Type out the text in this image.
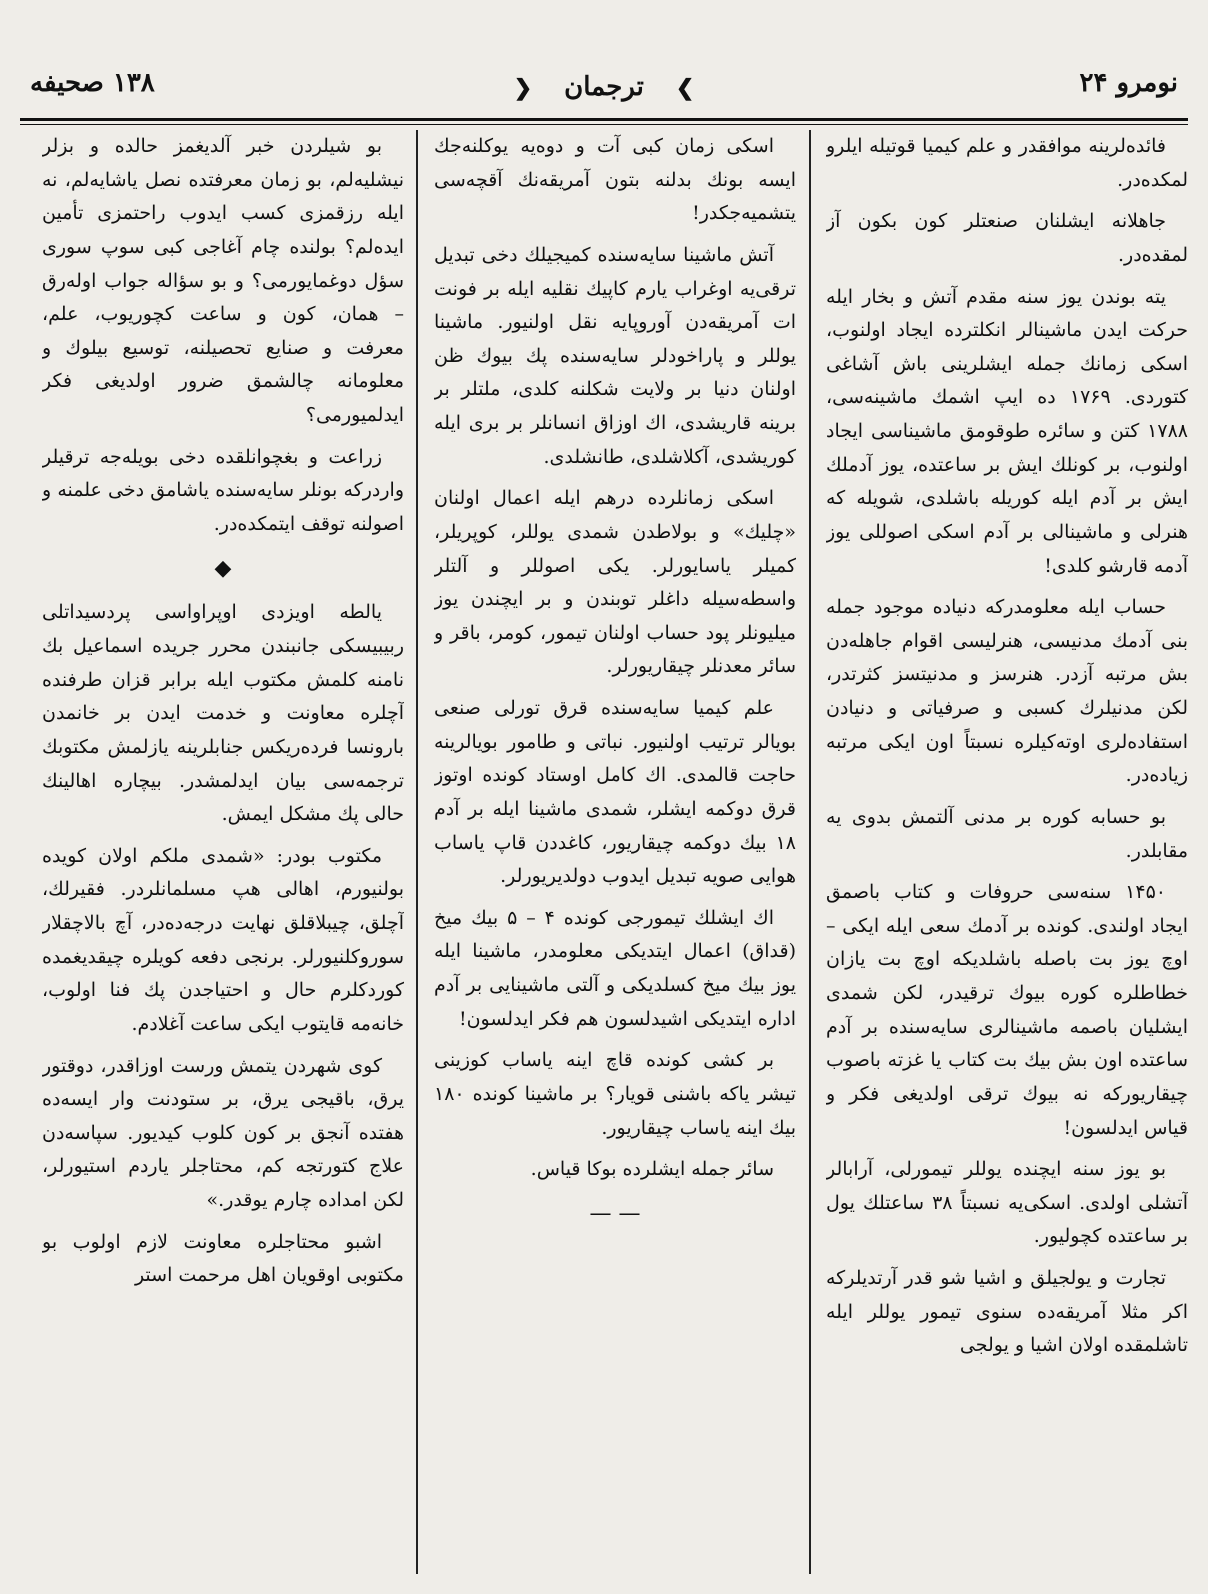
نومرو ۲۴
❯ترجمان❮
۱۳۸ صحیفه

فائده‌لرینه موافقدر و علم کیمیا قوتیله ایلرو لمکده‌در.

جاهلانه ایشلنان صنعتلر کون بکون آز لمقده‌در.

یته بوندن یوز سنه مقدم آتش و بخار ایله حرکت ایدن ماشینالر انکلترده ایجاد اولنوب، اسکی زمانك جمله ایشلرینی باش آشاغی کتوردی. ۱۷۶۹ ده ایپ اشمك ما‌شینه‌سی، ۱۷۸۸ کتن و سائره طوقومق ماشینا‌سی ایجاد اولنوب، بر کونلك ایش بر ساعتده، یوز آدملك ایش بر آدم ایله کوریله باشلدی، شویله که هنرلی و ماشینالی بر آدم اسکی اصوللی یوز آدمه قارشو کلدی!

حساب ایله معلومدرکه دنیاده موجود جمله بنی آدمك مدنیسی، هنرلیسی اقوام جاهله‌دن بش مرتبه آزدر. هنرسز و مد‌نیتسز کثرتدر، لکن مدنیلرك کسبی و صرفیاتی و دنیادن استفاده‌لری اوته‌کیلره نسبتاً اون ایکی مرتبه زیاده‌در.

بو حسابه کوره بر مدنی آلتمش بدوی یه مقابلدر.

۱۴۵۰ سنه‌سی حروفات و کتاب باصمق ایجاد اولندی. کونده بر آدمك سعی ایله ایکی – اوچ یوز بت باصله باشلدیکه اوچ بت یازان خطاطلره کوره بیوك ترقیدر، لکن شمدی ایشلیان باصمه ماشینالری سا‌یه‌سنده بر آدم ساعتده اون بش بیك بت کتاب یا غزته باصوب چیقاریورکه نه بیوك ترقی اولدیغی فکر و قیاس ایدلسون!

بو یوز سنه ایچنده یوللر تیمورلی، آرابالر آتشلی اولدی. اسکی‌یه نسبتاً ۳۸ ساعتلك یول بر ساعتده کچولیور.

تجارت و یولجیلق و اشیا شو قدر آرتدیلرکه اکر مثلا آمریقه‌ده سنوی تیمور یوللر ایله تاشلمقده اولان اشیا و یولجی

اسکی زمان کبی آت و دوه‌یه یوکلنه‌جك ایسه بونك بدلنه بتون آمریقه‌نك آقچه‌سی یتشمیه‌جکدر!

آتش ماشینا سایه‌سنده کمیجیلك دخی تبدیل ترقی‌یه اوغراب یارم کاپیك نقلیه ایله بر فونت ات آمریقه‌دن آوروپایه نقل اولنیور. ماشینا یوللر و پاراخودلر سایه‌سنده پك بیوك ظن اولنان دنیا بر ولایت شکلنه کلدی، ملتلر بر برینه قاریشدی، اك اوزاق انسانلر بر بری ایله کوریشدی، آکلاشلدی، طانشلدی.

اسکی زمانلرده درهم ایله اعمال اولنان «چلیك» و بولاطدن شمدی یوللر، کوپریلر، کمیلر یاسایورلر. یکی اصوللر و آلتلر واسطه‌سیله داغلر توبندن و بر ایچندن یوز میلیونلر پود حساب اولنان تیمور، کومر، باقر و سائر معدنلر چیقا‌ریورلر.

علم کیمیا سایه‌سنده قرق تورلی صنعی بویالر ترتیب اولنیور. نباتی و طامور بویا‌لرینه حاجت قالمدی. اك کامل اوستاد کونده اوتوز قرق دوکمه ایشلر، شمدی ماشینا ایله بر آدم ۱۸ بیك دوکمه چیقا‌ریور، کاغددن قاپ یاساب هوایی صویه تبدیل ایدوب دولدیریورلر.

اك ایشلك تیمورجی کونده ۴ – ۵ بیك میخ (قداق) اعمال ایتدیکی معلومدر، ماشینا ایله یوز بیك میخ کسلدیکی و آلتی ماشینایی بر آدم اداره ایتدیکی اشیدلسون هم فکر ایدلسون!

بر کشی کونده قاچ اینه یاساب کوزینی تیشر یاکه باشنی قویار؟ بر ماشینا کونده ۱۸۰ بیك اینه یاساب چیقاریور.

سائر جمله ایشلرده بوکا قیاس.

— —

بو شیلردن خبر آلدیغمز حالده و بزلر نیشلیه‌لم، بو زمان معرفتده نصل یاشایه‌لم، نه ایله رزقمزی کسب ایدوب راحتمزی تأمین ایده‌لم؟ بولنده چام آغاجی کبی سوپ سوری سؤل دوغمایورمی؟ و بو سؤاله جواب اوله‌رق – همان، کون و ساعت کچوریوب، علم، معرفت و صنایع تحصیلنه، توسیع بیلوك و معلومانه چالشمق ضرور اولدیغی فکر ایدلمیورمی؟

زراعت و بغچوانلقده دخی بویله‌جه ترقیلر واردرکه بونلر سایه‌سنده یاشامق دخی علمنه و اصولنه توقف ایتمکده‌در.

◆

یالطه اویزدی اوپراواسی پردسیداتلی ربیبیسکی جانبندن محرر جریده اسماعیل بك نامنه کلمش مکتوب ایله برابر قزان طرفنده آچلره معاونت و خدمت ایدن بر خانمدن بارونسا فرده‌ریکس جنابلرینه یازلمش مکتوبك ترجمه‌سی بیان ایدلمشدر. بیچاره اهالینك حالی پك مشکل ایمش.

مکتوب بودر: «شمدی ملکم اولان کویده بولنیورم، اهالی هپ مسلمانلردر. فقیرلك، آچلق، چیبلاقلق نهایت درجه‌ده‌در، آچ بالاچقلار سوروکلنیورلر. برنجی دفعه کویلره چیقدیغمده کوردکلرم حال و احتیا‌جدن پك فنا اولوب، خانه‌مه قایتوب ایکی ساعت آغلادم.

کوی شهردن یتمش ورست اوزاقدر، دوقتور یرق، باقیجی یرق، بر ستودنت وار ایسه‌ده هفتده آنجق بر کون کلوب کیدیور. سپاسه‌دن علاج کتورتجه کم، محتاجلر یاردم استیورلر، لکن امداده چارم یوقدر.»

اشبو محتاجلره معاونت لازم اولوب بو مکتوبی اوقویان اهل مرحمت استر
